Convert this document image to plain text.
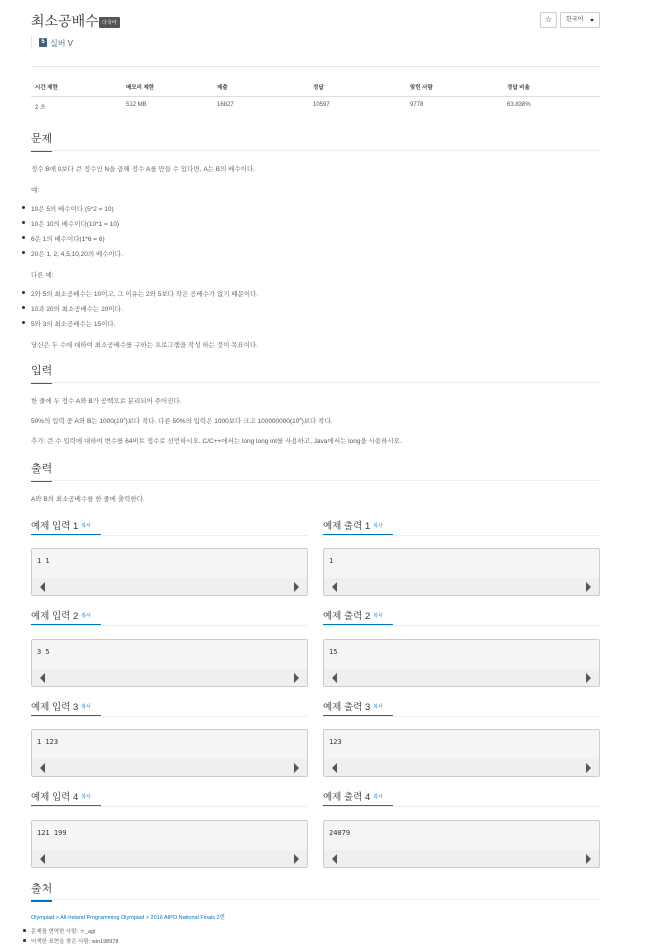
최소공배수 다국어	☆	한국어
5 실버 V
시간 제한	메모리 제한	제출	정답	맞힌 사람	정답 비율
2 초	512 MB	16827	10597	9778	63.838%
문제
정수 B에 0보다 큰 정수인 N을 곱해 정수 A를 만들 수 있다면, A는 B의 배수이다.
예:
10은 5의 배수이다 (5*2 = 10)
10은 10의 배수이다(10*1 = 10)
6은 1의 배수이다(1*6 = 6)
20은 1, 2, 4,5,10,20의 배수이다.
다른 예:
2와 5의 최소공배수는 10이고, 그 이유는 2와 5보다 작은 공배수가 없기 때문이다.
10과 20의 최소공배수는 20이다.
5와 3의 최소공배수는 15이다.
당신은 두 수에 대하여 최소공배수를 구하는 프로그램을 작성 하는 것이 목표이다.
입력
한 줄에 두 정수 A와 B가 공백으로 분리되어 주어진다.
50%의 입력 중 A와 B는 $1000(10^3)$보다 작다. 다른 50%의 입력은 1000보다 크고 $100000000(10^8)$보다 작다.
추가: 큰 수 입력에 대하여 변수를 64비트 정수로 선언하시오. C/C++에서는 long long int를 사용하고, Java에서는 long을 사용하시오.
출력
A와 B의 최소공배수를 한 줄에 출력한다.
예제 입력 1 $^{복사}$	예제 출력 1 $^{복사}$
1 1	1
예제 입력 2 $^{복사}$	예제 출력 2 $^{복사}$
3 5	15
예제 입력 3 $^{복사}$	예제 출력 3 $^{복사}$
1 123	123
예제 입력 4 $^{복사}$	예제 출력 4 $^{복사}$
121 199	24079
출처
Olympiad > All-Ireland Programming Olympiad > 2016 AIPO National Finals 2번
문제를 번역한 사람: ㅎ_agl
어색한 표현을 찾은 사람: win198978
